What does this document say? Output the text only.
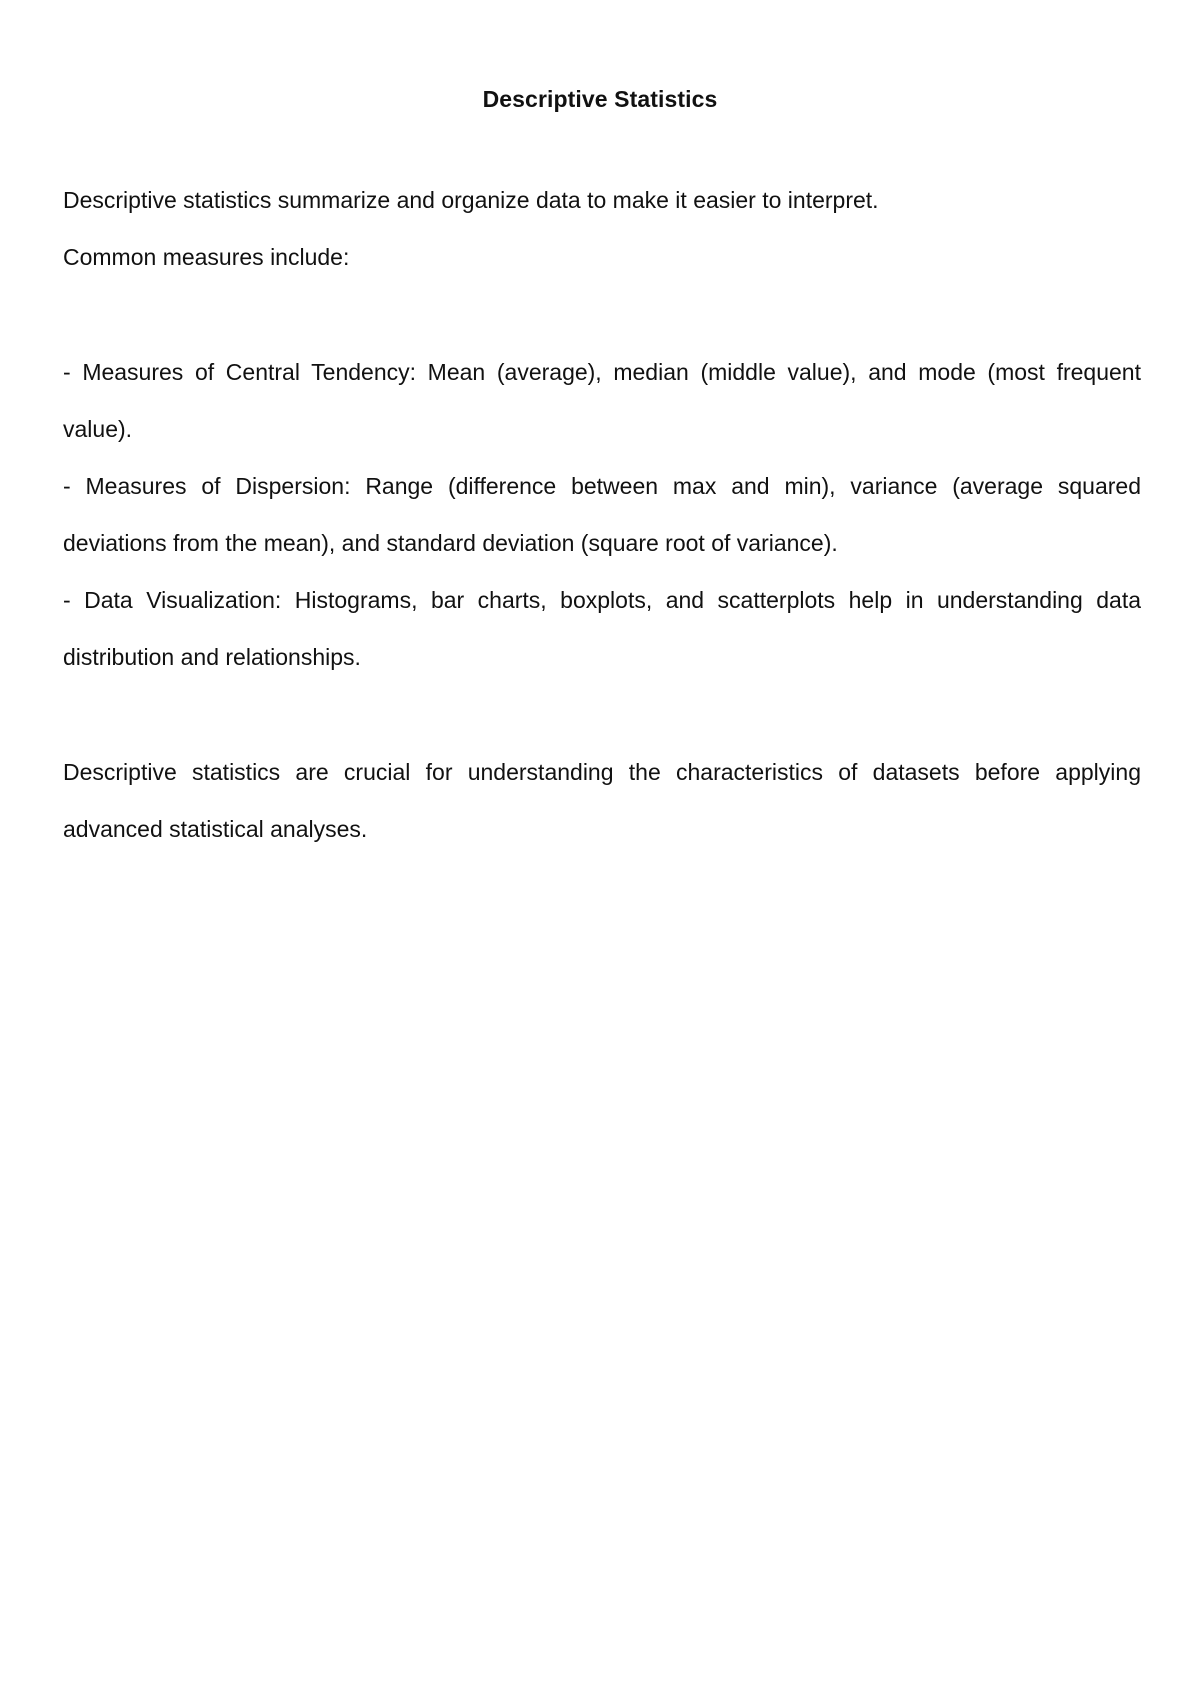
Descriptive Statistics

Descriptive statistics summarize and organize data to make it easier to interpret.

Common measures include:

- Measures of Central Tendency: Mean (average), median (middle value), and mode (most frequent value).

- Measures of Dispersion: Range (difference between max and min), variance (average squared deviations from the mean), and standard deviation (square root of variance).

- Data Visualization: Histograms, bar charts, boxplots, and scatterplots help in understanding data distribution and relationships.

Descriptive statistics are crucial for understanding the characteristics of datasets before applying advanced statistical analyses.
